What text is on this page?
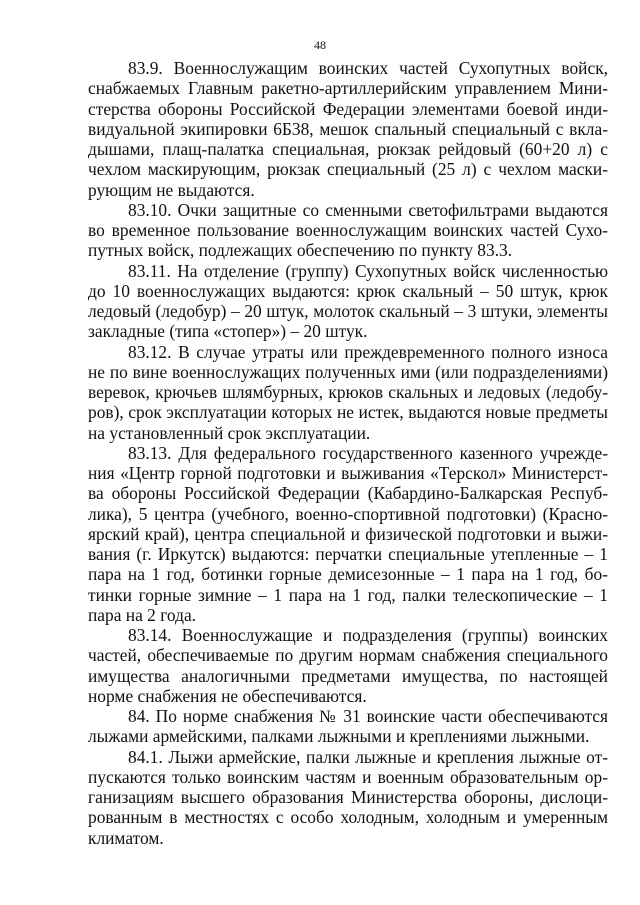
48

83.9. Военнослужащим воинских частей Сухопутных войск, снабжаемых Главным ракетно-артиллерийским управлением Министерства обороны Российской Федерации элементами боевой индивидуальной экипировки 6Б38, мешок спальный специальный с вкладышами, плащ-палатка специальная, рюкзак рейдовый (60+20 л) с чехлом маскирующим, рюкзак специальный (25 л) с чехлом маскирующим не выдаются.

83.10. Очки защитные со сменными светофильтрами выдаются во временное пользование военнослужащим воинских частей Сухопутных войск, подлежащих обеспечению по пункту 83.3.

83.11. На отделение (группу) Сухопутных войск численностью до 10 военнослужащих выдаются: крюк скальный – 50 штук, крюк ледовый (ледобур) – 20 штук, молоток скальный – 3 штуки, элементы закладные (типа «стопер») – 20 штук.

83.12. В случае утраты или преждевременного полного износа не по вине военнослужащих полученных ими (или подразделениями) веревок, крючьев шлямбурных, крюков скальных и ледовых (ледобуров), срок эксплуатации которых не истек, выдаются новые предметы на установленный срок эксплуатации.

83.13. Для федерального государственного казенного учреждения «Центр горной подготовки и выживания «Терскол» Министерства обороны Российской Федерации (Кабардино-Балкарская Республика), 5 центра (учебного, военно-спортивной подготовки) (Красноярский край), центра специальной и физической подготовки и выживания (г. Иркутск) выдаются: перчатки специальные утепленные – 1 пара на 1 год, ботинки горные демисезонные – 1 пара на 1 год, ботинки горные зимние – 1 пара на 1 год, палки телескопические – 1 пара на 2 года.

83.14. Военнослужащие и подразделения (группы) воинских частей, обеспечиваемые по другим нормам снабжения специального имущества аналогичными предметами имущества, по настоящей норме снабжения не обеспечиваются.

84. По норме снабжения № 31 воинские части обеспечиваются лыжами армейскими, палками лыжными и креплениями лыжными.

84.1. Лыжи армейские, палки лыжные и крепления лыжные отпускаются только воинским частям и военным образовательным организациям высшего образования Министерства обороны, дислоцированным в местностях с особо холодным, холодным и умеренным климатом.
